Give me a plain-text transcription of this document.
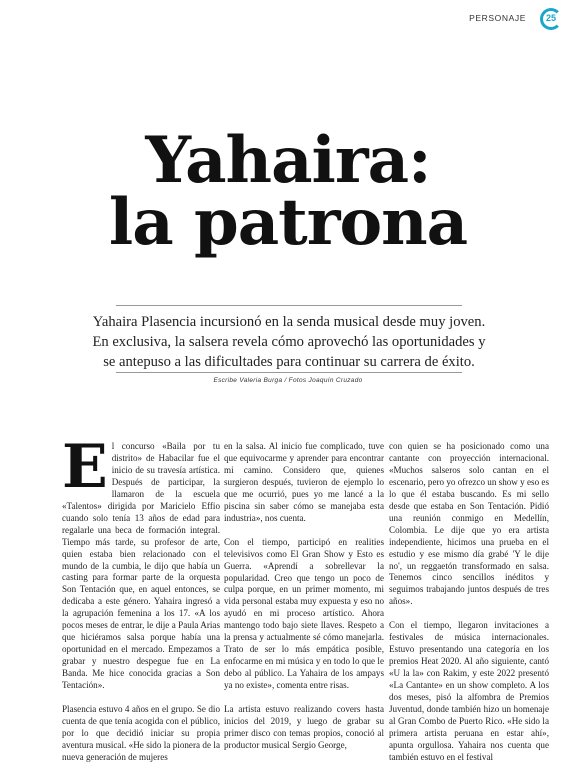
PERSONAJE 25
Yahaira:
la patrona
Yahaira Plasencia incursionó en la senda musical desde muy joven. En exclusiva, la salsera revela cómo aprovechó las oportunidades y se antepuso a las dificultades para continuar su carrera de éxito.
Escribe Valeria Burga / Fotos Joaquín Cruzado

El concurso «Baila por tu distrito» de Habacilar fue el inicio de su travesía artística. Después de participar, la llamaron de la escuela «Talentos» dirigida por Maricielo Effio cuando solo tenía 13 años de edad para regalarle una beca de formación integral. Tiempo más tarde, su profesor de arte, quien estaba bien relacionado con el mundo de la cumbia, le dijo que había un casting para formar parte de la orquesta Son Tentación que, en aquel entonces, se dedicaba a este género. Yahaira ingresó a la agrupación femenina a los 17. «A los pocos meses de entrar, le dije a Paula Arias que hiciéramos salsa porque había una oportunidad en el mercado. Empezamos a grabar y nuestro despegue fue en La Banda. Me hice conocida gracias a Son Tentación».

Plasencia estuvo 4 años en el grupo. Se dio cuenta de que tenía acogida con el público, por lo que decidió iniciar su propia aventura musical. «He sido la pionera de la nueva generación de mujeres

en la salsa. Al inicio fue complicado, tuve que equivocarme y aprender para encontrar mi camino. Considero que, quienes surgieron después, tuvieron de ejemplo lo que me ocurrió, pues yo me lancé a la piscina sin saber cómo se manejaba esta industria», nos cuenta.

Con el tiempo, participó en realities televisivos como El Gran Show y Esto es Guerra. «Aprendí a sobrellevar la popularidad. Creo que tengo un poco de culpa porque, en un primer momento, mi vida personal estaba muy expuesta y eso no ayudó en mi proceso artístico. Ahora mantengo todo bajo siete llaves. Respeto a la prensa y actualmente sé cómo manejarla. Trato de ser lo más empática posible, enfocarme en mi música y en todo lo que le debo al público. La Yahaira de los ampays ya no existe», comenta entre risas.

La artista estuvo realizando covers hasta inicios del 2019, y luego de grabar su primer disco con temas propios, conoció al productor musical Sergio George,

con quien se ha posicionado como una cantante con proyección internacional. «Muchos salseros solo cantan en el escenario, pero yo ofrezco un show y eso es lo que él estaba buscando. Es mi sello desde que estaba en Son Tentación. Pidió una reunión conmigo en Medellín, Colombia. Le dije que yo era artista independiente, hicimos una prueba en el estudio y ese mismo día grabé 'Y le dije no', un reggaetón transformado en salsa. Tenemos cinco sencillos inéditos y seguimos trabajando juntos después de tres años».

Con el tiempo, llegaron invitaciones a festivales de música internacionales. Estuvo presentando una categoría en los premios Heat 2020. Al año siguiente, cantó «U la la» con Rakim, y este 2022 presentó «La Cantante» en un show completo. A los dos meses, pisó la alfombra de Premios Juventud, donde también hizo un homenaje al Gran Combo de Puerto Rico. «He sido la primera artista peruana en estar ahí», apunta orgullosa. Yahaira nos cuenta que también estuvo en el festival
